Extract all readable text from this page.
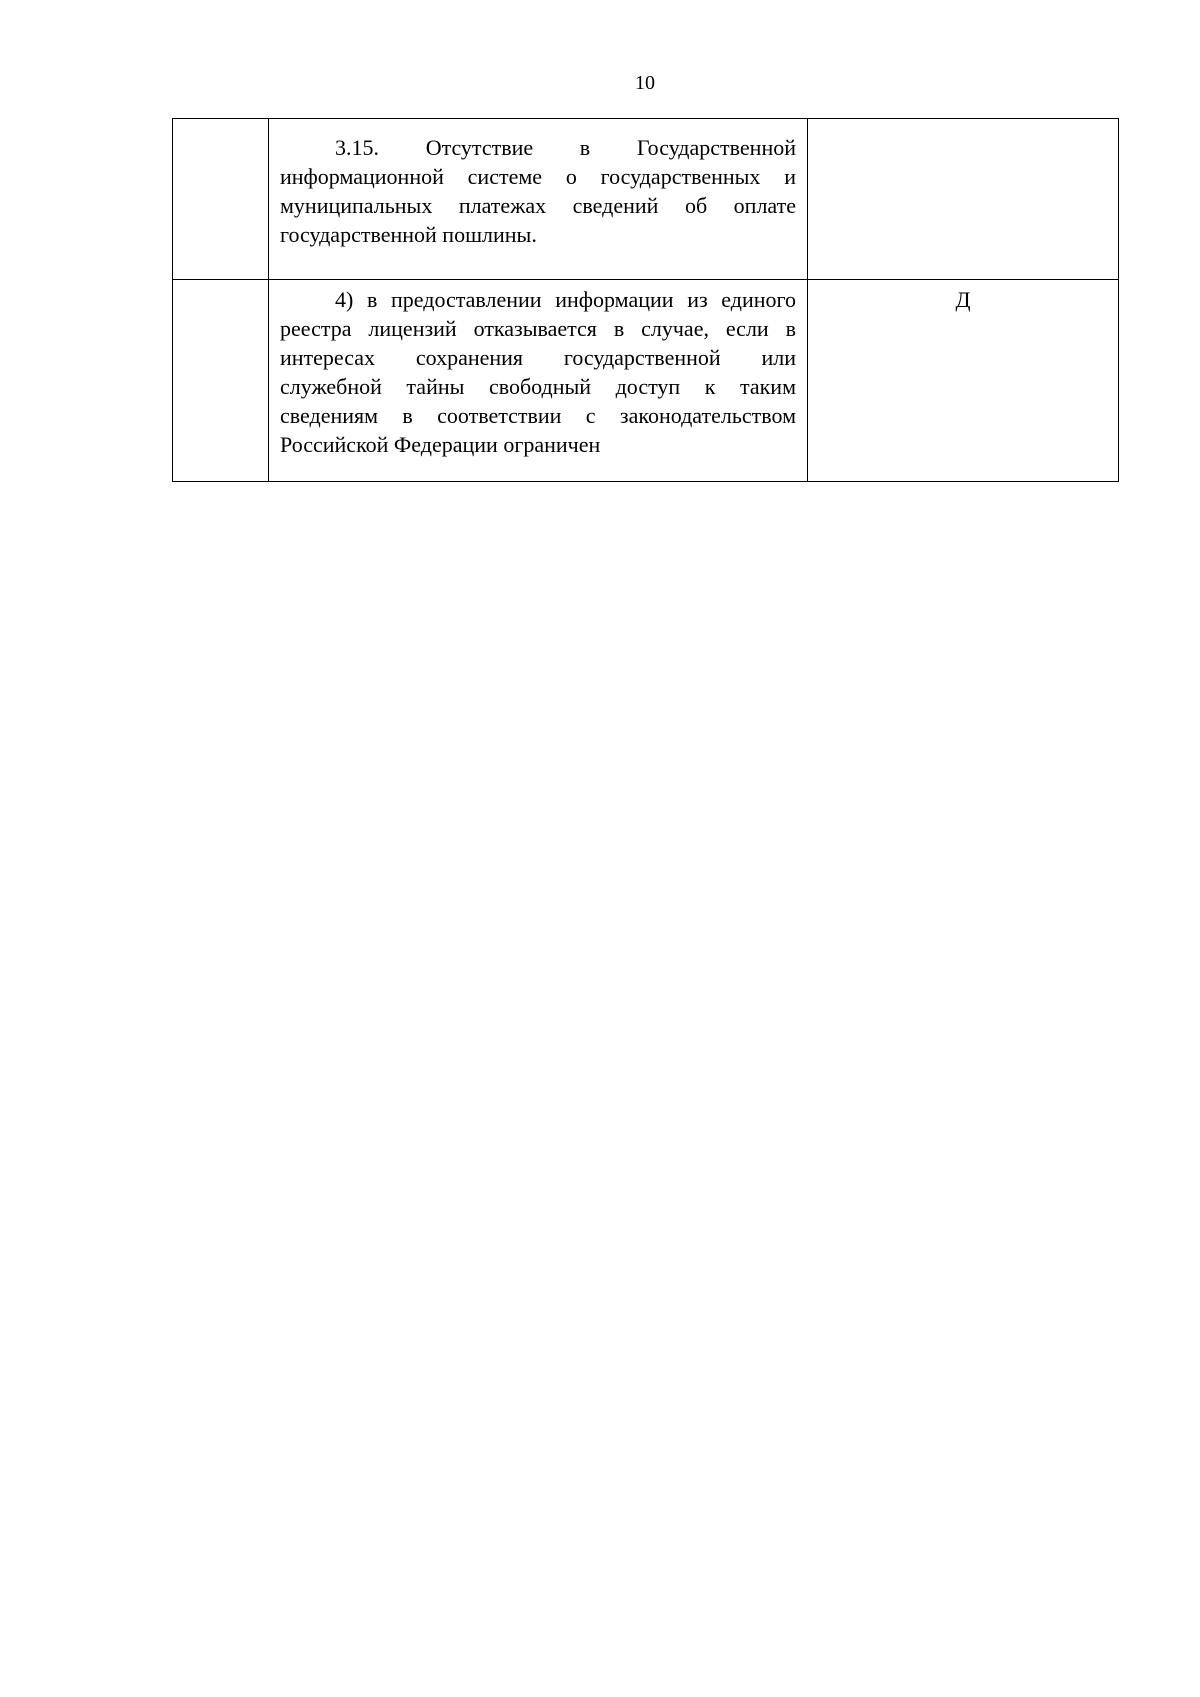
10

	3.15. Отсутствие в Государственной информационной системе о государственных и муниципальных платежах сведений об оплате государственной пошлины.	

	4) в предоставлении информации из единого реестра лицензий отказывается в случае, если в интересах сохранения государственной или служебной тайны свободный доступ к таким сведениям в соответствии с законодательством Российской Федерации ограничен	Д
